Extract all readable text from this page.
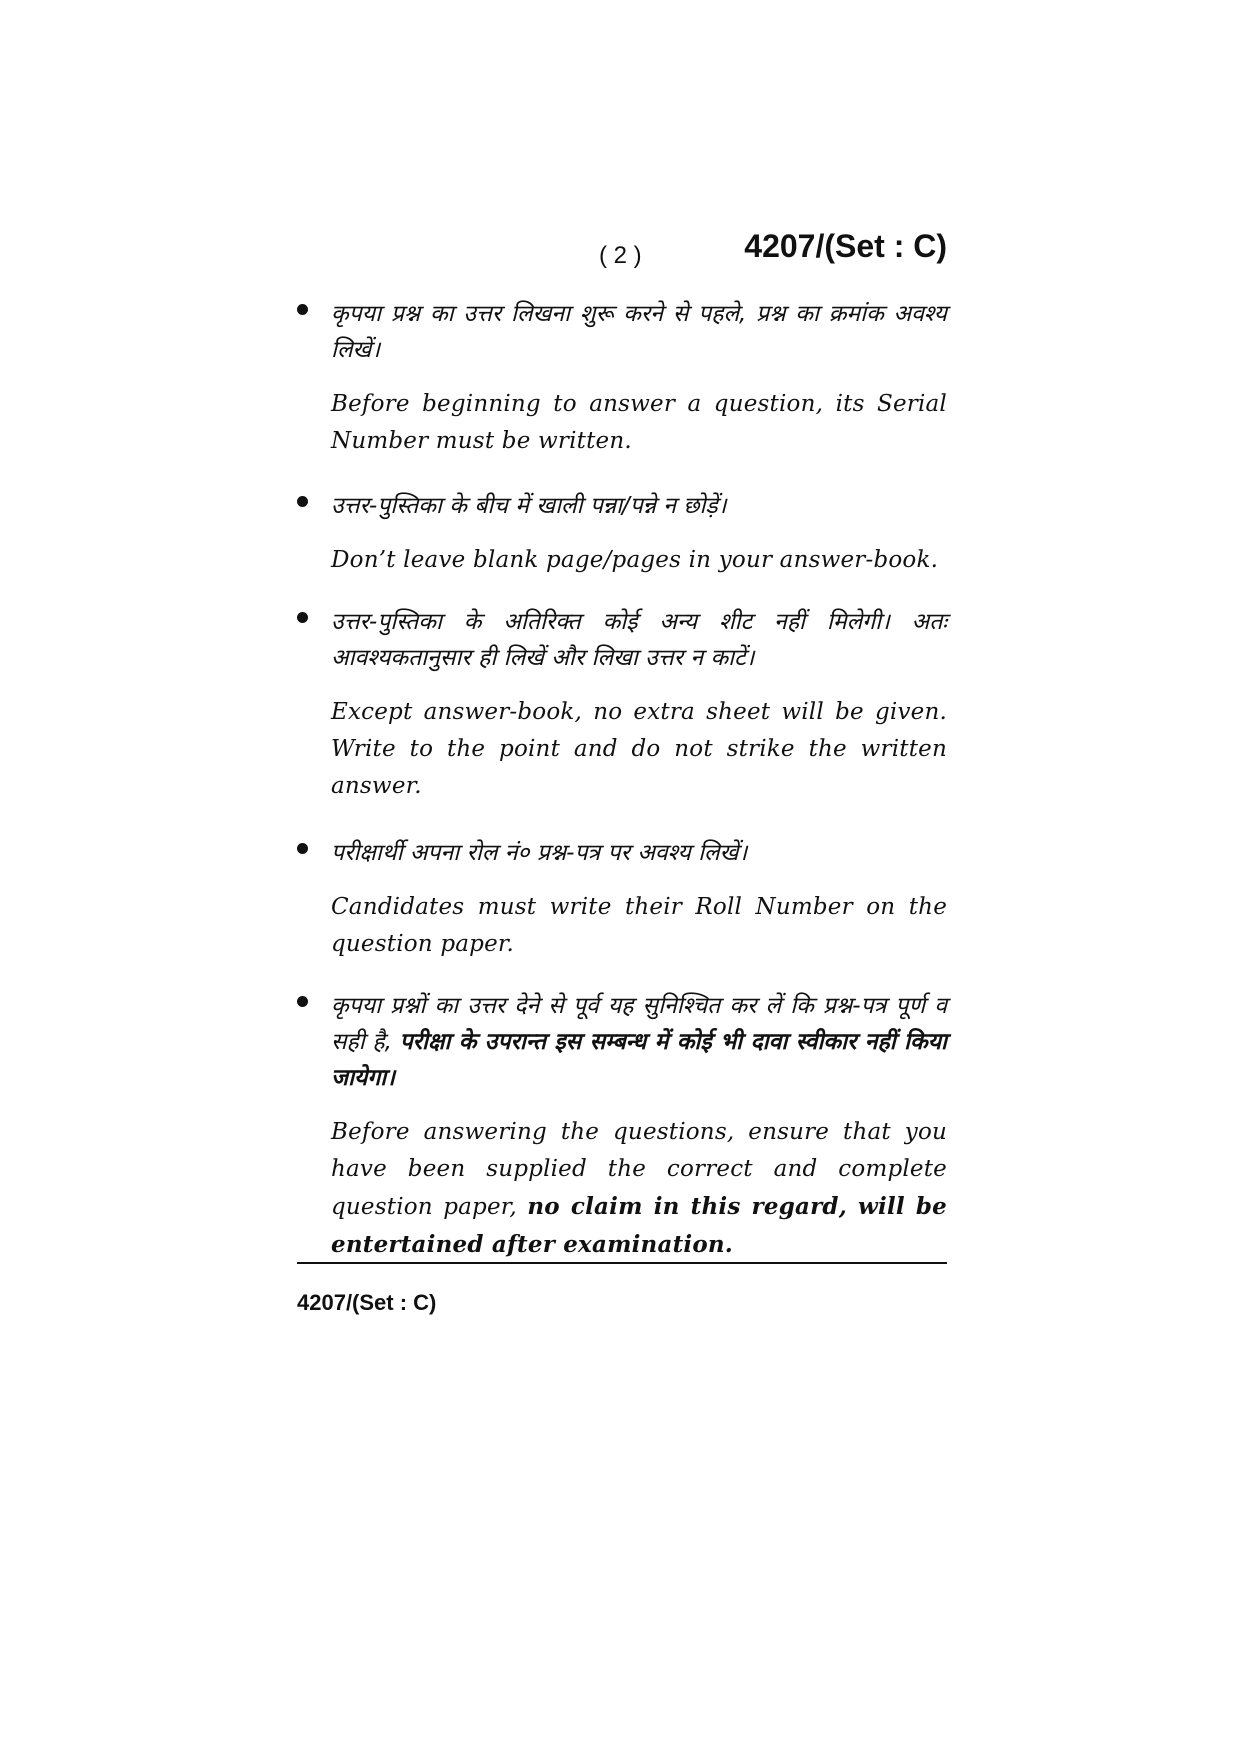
( 2 )	4207/(Set : C)
कृपया प्रश्न का उत्तर लिखना शुरू करने से पहले, प्रश्न का क्रमांक अवश्य लिखें।
Before beginning to answer a question, its Serial Number must be written.
उत्तर-पुस्तिका के बीच में खाली पन्ना/पन्ने न छोड़ें।
Don’t leave blank page/pages in your answer-book.
उत्तर-पुस्तिका के अतिरिक्त कोई अन्य शीट नहीं मिलेगी। अतः आवश्यकतानुसार ही लिखें और लिखा उत्तर न काटें।
Except answer-book, no extra sheet will be given. Write to the point and do not strike the written answer.
परीक्षार्थी अपना रोल नं० प्रश्न-पत्र पर अवश्य लिखें।
Candidates must write their Roll Number on the question paper.
कृपया प्रश्नों का उत्तर देने से पूर्व यह सुनिश्चित कर लें कि प्रश्न-पत्र पूर्ण व सही है, परीक्षा के उपरान्त इस सम्बन्ध में कोई भी दावा स्वीकार नहीं किया जायेगा।
Before answering the questions, ensure that you have been supplied the correct and complete question paper, no claim in this regard, will be entertained after examination.
4207/(Set : C)
